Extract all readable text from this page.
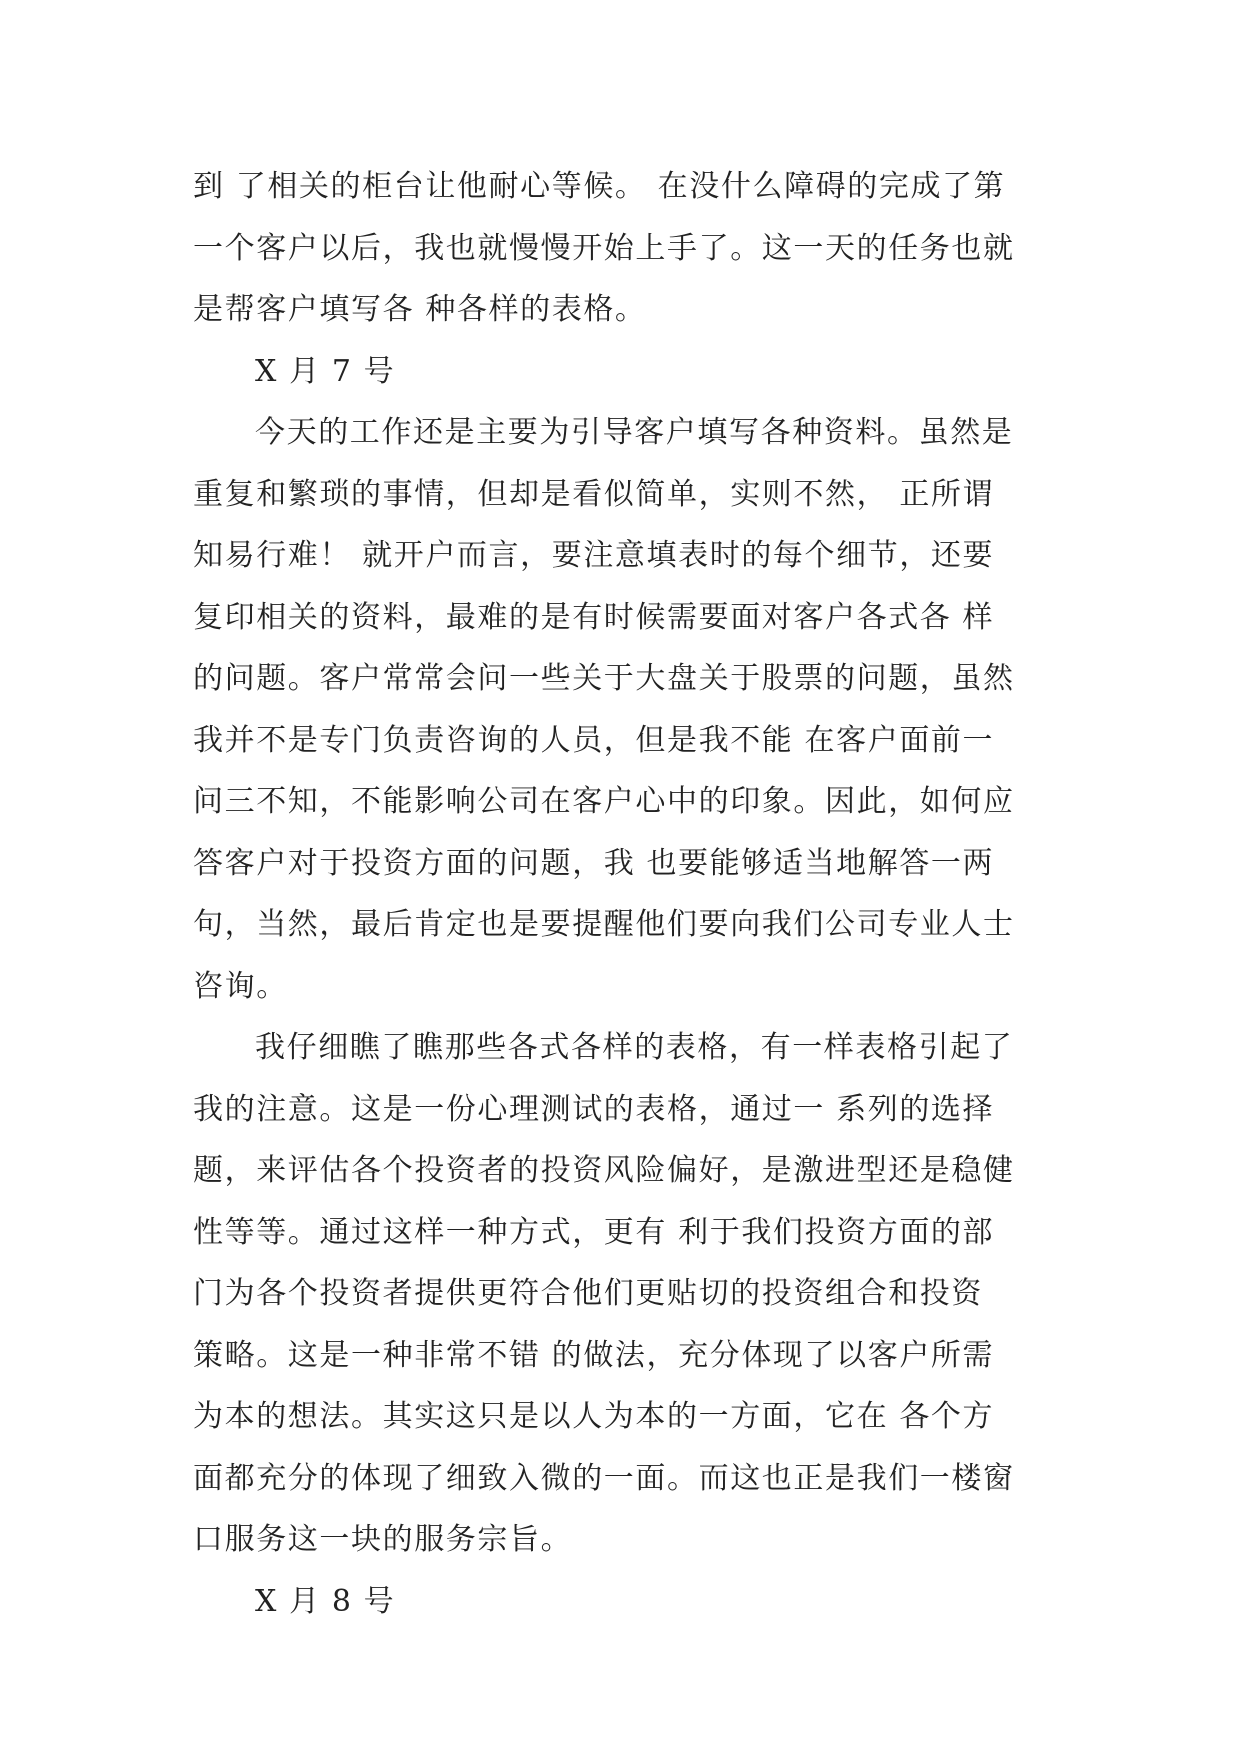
到 了相关的柜台让他耐心等候。 在没什么障碍的完成了第
一个客户以后，我也就慢慢开始上手了。这一天的任务也就
是帮客户填写各 种各样的表格。
X 月 7 号
今天的工作还是主要为引导客户填写各种资料。虽然是
重复和繁琐的事情，但却是看似简单，实则不然， 正所谓
知易行难！ 就开户而言，要注意填表时的每个细节，还要
复印相关的资料，最难的是有时候需要面对客户各式各 样
的问题。客户常常会问一些关于大盘关于股票的问题，虽然
我并不是专门负责咨询的人员，但是我不能 在客户面前一
问三不知，不能影响公司在客户心中的印象。因此，如何应
答客户对于投资方面的问题，我 也要能够适当地解答一两
句，当然，最后肯定也是要提醒他们要向我们公司专业人士
咨询。
我仔细瞧了瞧那些各式各样的表格，有一样表格引起了
我的注意。这是一份心理测试的表格，通过一 系列的选择
题，来评估各个投资者的投资风险偏好，是激进型还是稳健
性等等。通过这样一种方式，更有 利于我们投资方面的部
门为各个投资者提供更符合他们更贴切的投资组合和投资
策略。这是一种非常不错 的做法，充分体现了以客户所需
为本的想法。其实这只是以人为本的一方面，它在 各个方
面都充分的体现了细致入微的一面。而这也正是我们一楼窗
口服务这一块的服务宗旨。
X 月 8 号
